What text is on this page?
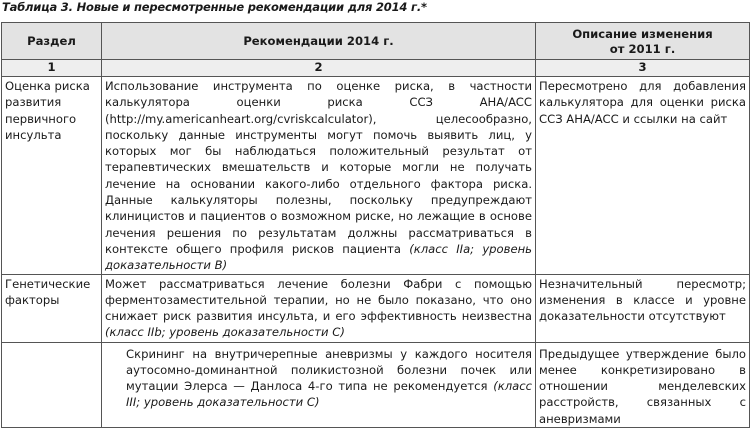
Таблица 3. Новые и пересмотренные рекомендации для 2014 г.*
Раздел	Рекомендации 2014 г.	Описание изменения
от 2011 г.
1	2	3
Оценка риска развития первичного инсульта	Использование инструмента по оценке риска, в частности калькулятора оценки риска ССЗ AHA/ACC (http://my.americanheart.org/cvriskcalculator), целесообразно, поскольку данные инструменты могут помочь выявить лиц, у которых мог бы наблюдаться положительный результат от терапевтических вмешательств и которые могли не получать лечение на основании какого-либо отдельного фактора риска. Данные калькуляторы полезны, поскольку предупреждают клиницистов и пациентов о возможном риске, но лежащие в основе лечения решения по результатам должны рассматриваться в контексте общего профиля рисков пациента (класс IIa; уровень доказательности B)	Пересмотрено для добавления калькулятора для оценки риска ССЗ AHA/ACC и ссылки на сайт
Генетические факторы	Может рассматриваться лечение болезни Фабри с помощью ферментозаместительной терапии, но не было показано, что оно снижает риск развития инсульта, и его эффективность неизвестна (класс IIb; уровень доказательности С)	Незначительный пересмотр; изменения в классе и уровне доказательности отсутствуют
	Скрининг на внутричерепные аневризмы у каждого носителя аутосомно-доминантной поликистозной болезни почек или мутации Элерса — Данлоса 4-го типа не рекомендуется (класс III; уровень доказательности С)	Предыдущее утверждение было менее конкретизировано в отношении менделевских расстройств, связанных с аневризмами
